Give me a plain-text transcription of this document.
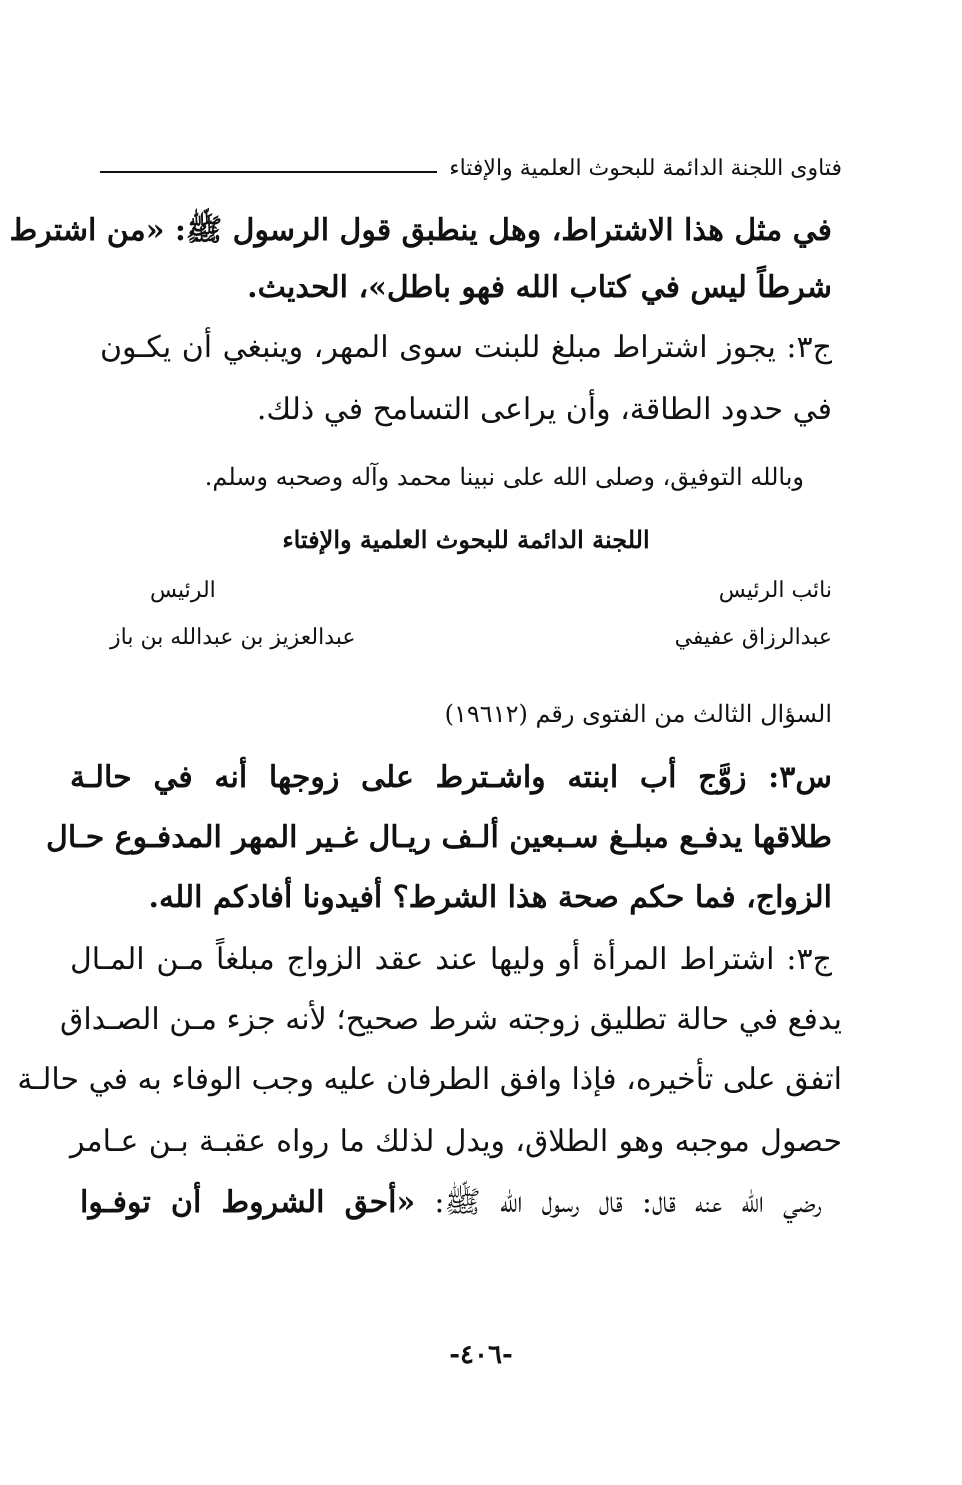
فتاوى اللجنة الدائمة للبحوث العلمية والإفتاء
في مثل هذا الاشتراط، وهل ينطبق قول الرسول ﷺ: «من اشترط
شرطاً ليس في كتاب الله فهو باطل»، الحديث.
ج٣: يجوز اشتراط مبلغ للبنت سوى المهر، وينبغي أن يكـون
في حدود الطاقة، وأن يراعى التسامح في ذلك.
وبالله التوفيق، وصلى الله على نبينا محمد وآله وصحبه وسلم.
اللجنة الدائمة للبحوث العلمية والإفتاء
نائب الرئيس
الرئيس
عبدالرزاق عفيفي
عبدالعزيز بن عبدالله بن باز
السؤال الثالث من الفتوى رقم (١٩٦١٢)
س٣: زوَّج أب ابنته واشـترط على زوجها أنه في حالـة
طلاقها يدفـع مبلـغ سـبعين ألـف ريـال غـير المهر المدفـوع حـال
الزواج، فما حكم صحة هذا الشرط؟ أفيدونا أفادكم الله.
ج٣: اشتراط المرأة أو وليها عند عقد الزواج مبلغاً مـن المـال
يدفع في حالة تطليق زوجته شرط صحيح؛ لأنه جزء مـن الصـداق
اتفق على تأخيره، فإذا وافق الطرفان عليه وجب الوفاء به في حالـة
حصول موجبه وهو الطلاق، ويدل لذلك ما رواه عقبـة بـن عـامر
رضي الله عنه قال: قال رسول الله ﷺ: «أحق الشروط أن توفـوا
-٤٠٦-
